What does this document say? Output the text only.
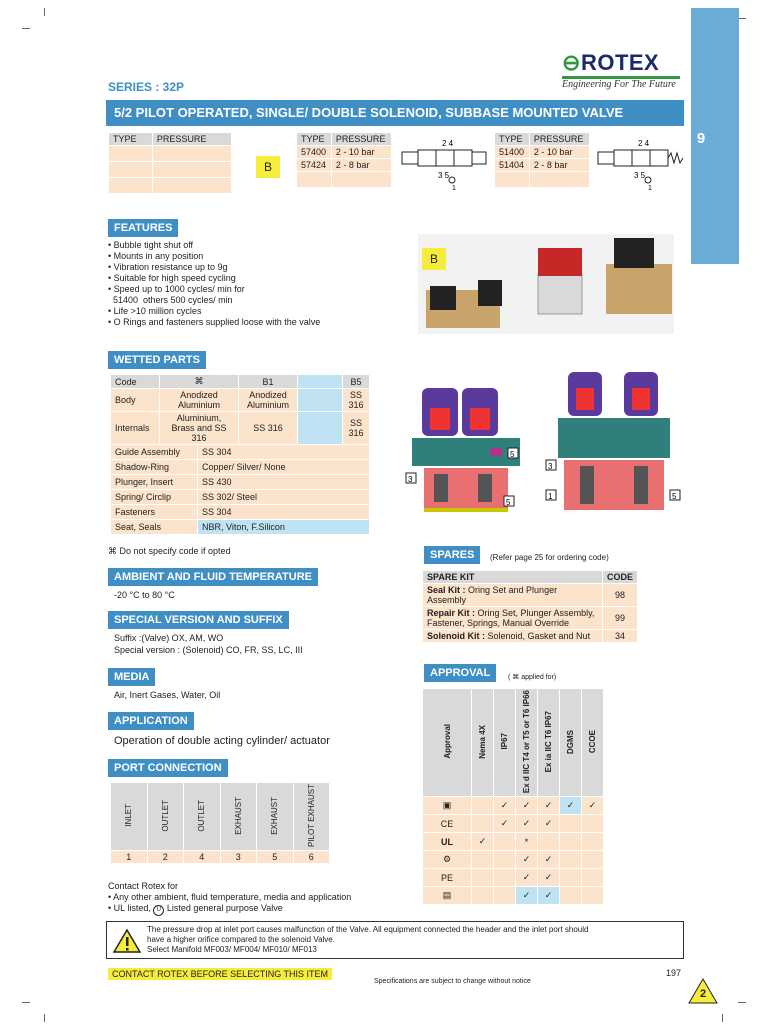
9
SERIES : 32P
⊖ROTEX
Engineering For The Future
5/2 PILOT OPERATED, SINGLE/ DOUBLE SOLENOID, SUBBASE MOUNTED VALVE
TYPE	PRESSURE

B
TYPE	PRESSURE
57400	2 - 10 bar
57424	2 - 8 bar

2 4
3 5
1
TYPE	PRESSURE
51400	2 - 10 bar
51404	2 - 8 bar

2 4
3 5
1
FEATURES
• Bubble tight shut off
• Mounts in any position
• Vibration resistance up to 9g
• Suitable for high speed cycling
• Speed up to 1000 cycles/ min for
51400  others 500 cycles/ min
• Life >10 million cycles
• O Rings and fasteners supplied loose with the valve
B
WETTED PARTS
Code	⌘	B1		B5
Body	Anodized Aluminium	Anodized Aluminium		SS 316
Internals	Aluminium, Brass and SS 316	SS 316		SS 316
Guide Assembly	SS 304
Shadow-Ring	Copper/ Silver/ None
Plunger, Insert	SS 430
Spring/ Circlip	SS 302/ Steel
Fasteners	SS 304
Seat, Seals	NBR, Viton, F.Silicon
⌘ Do not specify code if opted
AMBIENT AND FLUID TEMPERATURE
-20 °C to 80 °C
SPECIAL VERSION AND SUFFIX
Suffix :(Valve) OX, AM, WO
Special version : (Solenoid) CO, FR, SS, LC, III
MEDIA
Air, Inert Gases, Water, Oil
APPLICATION
Operation of double acting cylinder/ actuator
PORT CONNECTION
INLET	OUTLET	OUTLET	EXHAUST	EXHAUST	PILOT EXHAUST
1	2	4	3	5	6
Contact Rotex for
• Any other ambient, fluid temperature, media and application
• UL listed, U Listed general purpose Valve
3
5
5
3
1	5
SPARES	(Refer page 25 for ordering code)
SPARE KIT	CODE
Seal Kit : Oring Set and Plunger Assembly	98
Repair Kit : Oring Set, Plunger Assembly, Fastener, Springs, Manual Override	99
Solenoid Kit : Solenoid, Gasket and Nut	34
APPROVAL	( ⌘ applied for)
Approval	Nema 4X	IP67	Ex d IIC T4 or T5 or T6 IP66	Ex ia IIC T6 IP67	DGMS	CCOE
▣		✓	✓	✓	✓	✓
CE		✓	✓	✓		
UL	✓		*			
⚙			✓	✓		
PE			✓	✓		
▤			✓	✓		
The pressure drop at inlet port causes malfunction of the Valve. All equipment connected the header and the inlet port should
have a higher orifice compared to the solenoid Valve.
Select Manifold MF003/ MF004/ MF010/ MF013
CONTACT ROTEX BEFORE SELECTING THIS ITEM
Specifications are subject to change without notice
197
2
